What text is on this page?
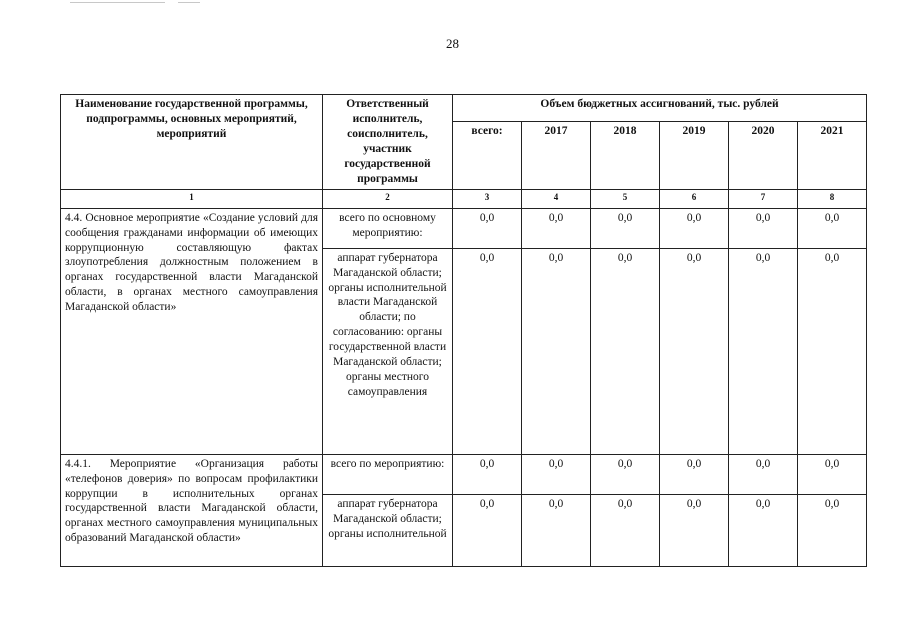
28
Наименование государственной программы, подпрограммы, основных мероприятий, мероприятий	Ответственный исполнитель, соисполнитель, участник государственной программы	Объем бюджетных ассигнований, тыс. рублей					
		всего:	2017	2018	2019	2020	2021
1	2	3	4	5	6	7	8
4.4. Основное мероприятие «Создание условий для сообщения гражданами информации об имеющих коррупционную составляющую фактах злоупотребления должностным положением в органах государственной власти Магаданской области, в органах местного самоуправления Магаданской области»	всего по основному мероприятию:	0,0	0,0	0,0	0,0	0,0	0,0
	аппарат губернатора Магаданской области; органы исполнительной власти Магаданской области; по согласованию: органы государственной власти Магаданской области; органы местного самоуправления	0,0	0,0	0,0	0,0	0,0	0,0
4.4.1. Мероприятие «Организация работы «телефонов доверия» по вопросам профилактики коррупции в исполнительных органах государственной власти Магаданской области, органах местного самоуправления муниципальных образований Магаданской области»	всего по мероприятию:	0,0	0,0	0,0	0,0	0,0	0,0
	аппарат губернатора Магаданской области; органы исполнительной	0,0	0,0	0,0	0,0	0,0	0,0
